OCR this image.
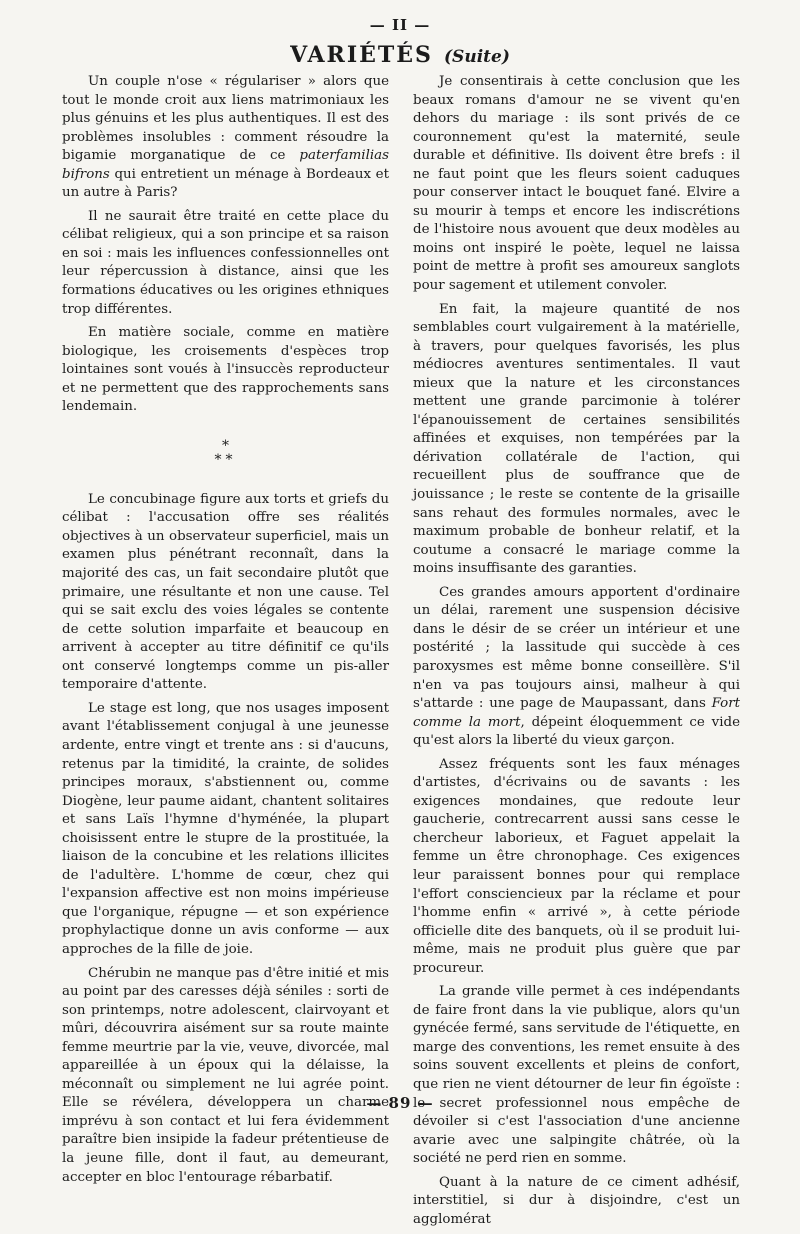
— II —
VARIÉTÉS (Suite)

Un couple n'ose « régulariser » alors que tout le monde croit aux liens matrimoniaux les plus génuins et les plus authentiques. Il est des problèmes insolubles : comment résoudre la bigamie morganatique de ce paterfamilias bifrons qui entretient un ménage à Bordeaux et un autre à Paris?

Il ne saurait être traité en cette place du célibat religieux, qui a son principe et sa raison en soi : mais les influences confessionnelles ont leur répercussion à distance, ainsi que les formations éducatives ou les origines ethniques trop différentes.

En matière sociale, comme en matière biologique, les croisements d'espèces trop lointaines sont voués à l'insuccès reproducteur et ne permettent que des rapprochements sans lendemain.

*
**

Le concubinage figure aux torts et griefs du célibat : l'accusation offre ses réalités objectives à un observateur superficiel, mais un examen plus pénétrant reconnaît, dans la majorité des cas, un fait secondaire plutôt que primaire, une résultante et non une cause. Tel qui se sait exclu des voies légales se contente de cette solution imparfaite et beaucoup en arrivent à accepter au titre définitif ce qu'ils ont conservé longtemps comme un pis-aller temporaire d'attente.

Le stage est long, que nos usages imposent avant l'établissement conjugal à une jeunesse ardente, entre vingt et trente ans : si d'aucuns, retenus par la timidité, la crainte, de solides principes moraux, s'abstiennent ou, comme Diogène, leur paume aidant, chantent solitaires et sans Laïs l'hymne d'hyménée, la plupart choisissent entre le stupre de la prostituée, la liaison de la concubine et les relations illicites de l'adultère. L'homme de cœur, chez qui l'expansion affective est non moins impérieuse que l'organique, répugne — et son expérience prophylactique donne un avis conforme — aux approches de la fille de joie.

Chérubin ne manque pas d'être initié et mis au point par des caresses déjà séniles : sorti de son printemps, notre adolescent, clairvoyant et mûri, découvrira aisément sur sa route mainte femme meurtrie par la vie, veuve, divorcée, mal appareillée à un époux qui la délaisse, la méconnaît ou simplement ne lui agrée point. Elle se révélera, développera un charme imprévu à son contact et lui fera évidemment paraître bien insipide la fadeur prétentieuse de la jeune fille, dont il faut, au demeurant, accepter en bloc l'entourage rébarbatif.

Je consentirais à cette conclusion que les beaux romans d'amour ne se vivent qu'en dehors du mariage : ils sont privés de ce couronnement qu'est la maternité, seule durable et définitive. Ils doivent être brefs : il ne faut point que les fleurs soient caduques pour conserver intact le bouquet fané. Elvire a su mourir à temps et encore les indiscrétions de l'histoire nous avouent que deux modèles au moins ont inspiré le poète, lequel ne laissa point de mettre à profit ses amoureux sanglots pour sagement et utilement convoler.

En fait, la majeure quantité de nos semblables court vulgairement à la matérielle, à travers, pour quelques favorisés, les plus médiocres aventures sentimentales. Il vaut mieux que la nature et les circonstances mettent une grande parcimonie à tolérer l'épanouissement de certaines sensibilités affinées et exquises, non tempérées par la dérivation collatérale de l'action, qui recueillent plus de souffrance que de jouissance ; le reste se contente de la grisaille sans rehaut des formules normales, avec le maximum probable de bonheur relatif, et la coutume a consacré le mariage comme la moins insuffisante des garanties.

Ces grandes amours apportent d'ordinaire un délai, rarement une suspension décisive dans le désir de se créer un intérieur et une postérité ; la lassitude qui succède à ces paroxysmes est même bonne conseillère. S'il n'en va pas toujours ainsi, malheur à qui s'attarde : une page de Maupassant, dans Fort comme la mort, dépeint éloquemment ce vide qu'est alors la liberté du vieux garçon.

Assez fréquents sont les faux ménages d'artistes, d'écrivains ou de savants : les exigences mondaines, que redoute leur gaucherie, contrecarrent aussi sans cesse le chercheur laborieux, et Faguet appelait la femme un être chronophage. Ces exigences leur paraissent bonnes pour qui remplace l'effort consciencieux par la réclame et pour l'homme enfin « arrivé », à cette période officielle dite des banquets, où il se produit lui-même, mais ne produit plus guère que par procureur.

La grande ville permet à ces indépendants de faire front dans la vie publique, alors qu'un gynécée fermé, sans servitude de l'étiquette, en marge des conventions, les remet ensuite à des soins souvent excellents et pleins de confort, que rien ne vient détourner de leur fin égoïste : le secret professionnel nous empêche de dévoiler si c'est l'association d'une ancienne avarie avec une salpingite châtrée, où la société ne perd rien en somme.

Quant à la nature de ce ciment adhésif, interstitiel, si dur à disjoindre, c'est un agglomérat

— 89 —
